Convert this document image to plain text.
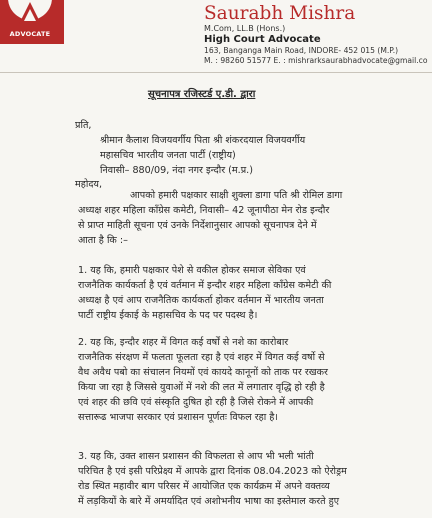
ADVOCATE
Saurabh Mishra
M.Com, LL.B (Hons.)
High Court Advocate
163, Banganga Main Road, INDORE- 452 015 (M.P.)
M. : 98260 51577 E. : mishrarksaurabhadvocate@gmail.co
सूचनापत्र रजिस्टर्ड ए.डी. द्वारा
प्रति,
श्रीमान कैलाश विजयवर्गीय पिता श्री शंकरदयाल विजयवर्गीय
महासचिव भारतीय जनता पार्टी (राष्ट्रीय)
निवासी– 880/09, नंदा नगर इन्दौर (म.प्र.)
महोदय,
आपको हमारी पक्षकार साक्षी शुक्ला डागा पति श्री रोमिल डागा
अध्यक्ष शहर महिला कॉंग्रेस कमेटी, निवासी– 42 जूनापीठा मेन रोड इन्दौर
से प्राप्त माहिती सूचना एवं उनके निर्देशानुसार आपको सूचनापत्र देने में
आता है कि :–
1. यह कि, हमारी पक्षकार पेशे से वकील होकर समाज सेविका एवं
राजनैतिक कार्यकर्ता है एवं वर्तमान में इन्दौर शहर महिला कॉंग्रेस कमेटी की
अध्यक्ष है एवं आप राजनैतिक कार्यकर्ता होकर वर्तमान में भारतीय जनता
पार्टी राष्ट्रीय ईकाई के महासचिव के पद पर पदस्थ है।
2. यह कि, इन्दौर शहर में विगत कई वर्षों से नशे का कारोबार
राजनैतिक संरक्षण में फलता फूलता रहा है एवं शहर में विगत कई वर्षो से
वैध अवैध पबो का संचालन नियमों एवं कायदे कानूनों को ताक पर रखकर
किया जा रहा है जिससे युवाओं में नशे की लत में लगातार वृद्धि हो रही है
एवं शहर की छवि एवं संस्कृति दुषित हो रही है जिसे रोकने में आपकी
सत्तारूढ भाजपा सरकार एवं प्रशासन पूर्णतः विफल रहा है।
3. यह कि, उक्त शासन प्रशासन की विफलता से आप भी भली भांती
परिचित है एवं इसी परिप्रेक्ष्य में आपके द्वारा दिनांक 08.04.2023 को ऐरोड्रम
रोड स्थित महावीर बाग परिसर में आयोजित एक कार्यक्रम में अपने वक्तव्य
में लड़कियों के बारे में अमर्यादित एवं अशोभनीय भाषा का इस्तेमाल करते हुए
